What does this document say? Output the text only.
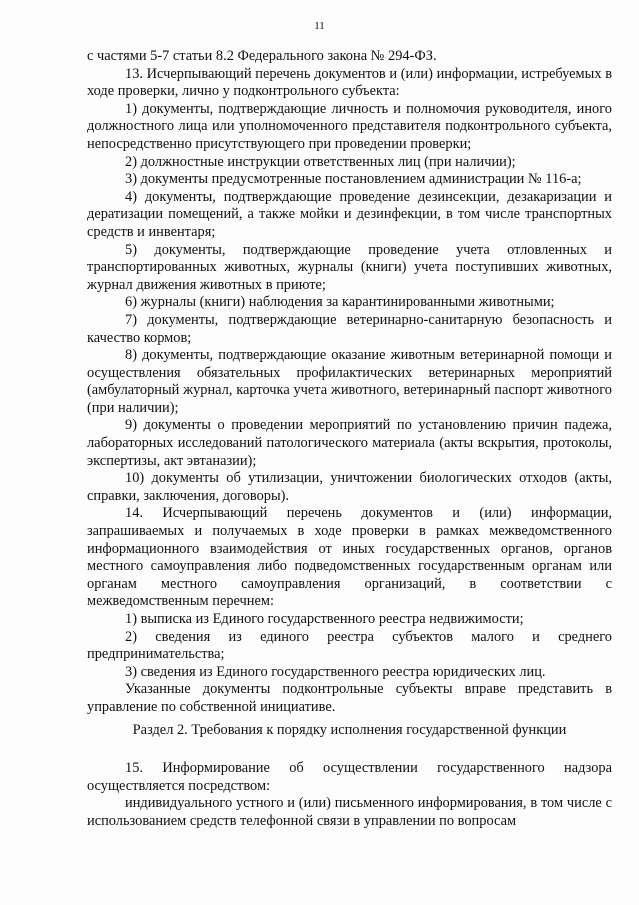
11

с частями 5-7 статьи 8.2 Федерального закона № 294-ФЗ.

13. Исчерпывающий перечень документов и (или) информации, истребуемых в ходе проверки, лично у подконтрольного субъекта:

1) документы, подтверждающие личность и полномочия руководителя, иного должностного лица или уполномоченного представителя подконтрольного субъекта, непосредственно присутствующего при проведении проверки;

2) должностные инструкции ответственных лиц (при наличии);

3) документы предусмотренные постановлением администрации № 116-а;

4) документы, подтверждающие проведение дезинсекции, дезакаризации и дератизации помещений, а также мойки и дезинфекции, в том числе транспортных средств и инвентаря;

5) документы, подтверждающие проведение учета отловленных и транспортированных животных, журналы (книги) учета поступивших животных, журнал движения животных в приюте;

6) журналы (книги) наблюдения за карантинированными животными;

7) документы, подтверждающие ветеринарно-санитарную безопасность и качество кормов;

8) документы, подтверждающие оказание животным ветеринарной помощи и осуществления обязательных профилактических ветеринарных мероприятий (амбулаторный журнал, карточка учета животного, ветеринарный паспорт животного (при наличии);

9) документы о проведении мероприятий по установлению причин падежа, лабораторных исследований патологического материала (акты вскрытия, протоколы, экспертизы, акт эвтаназии);

10) документы об утилизации, уничтожении биологических отходов (акты, справки, заключения, договоры).

14. Исчерпывающий перечень документов и (или) информации, запрашиваемых и получаемых в ходе проверки в рамках межведомственного информационного взаимодействия от иных государственных органов, органов местного самоуправления либо подведомственных государственным органам или органам местного самоуправления организаций, в соответствии с межведомственным перечнем:

1) выписка из Единого государственного реестра недвижимости;

2) сведения из единого реестра субъектов малого и среднего предпринимательства;

3) сведения из Единого государственного реестра юридических лиц.

Указанные документы подконтрольные субъекты вправе представить в управление по собственной инициативе.

Раздел 2. Требования к порядку исполнения государственной функции

15. Информирование об осуществлении государственного надзора осуществляется посредством:

индивидуального устного и (или) письменного информирования, в том числе с использованием средств телефонной связи в управлении по вопросам
